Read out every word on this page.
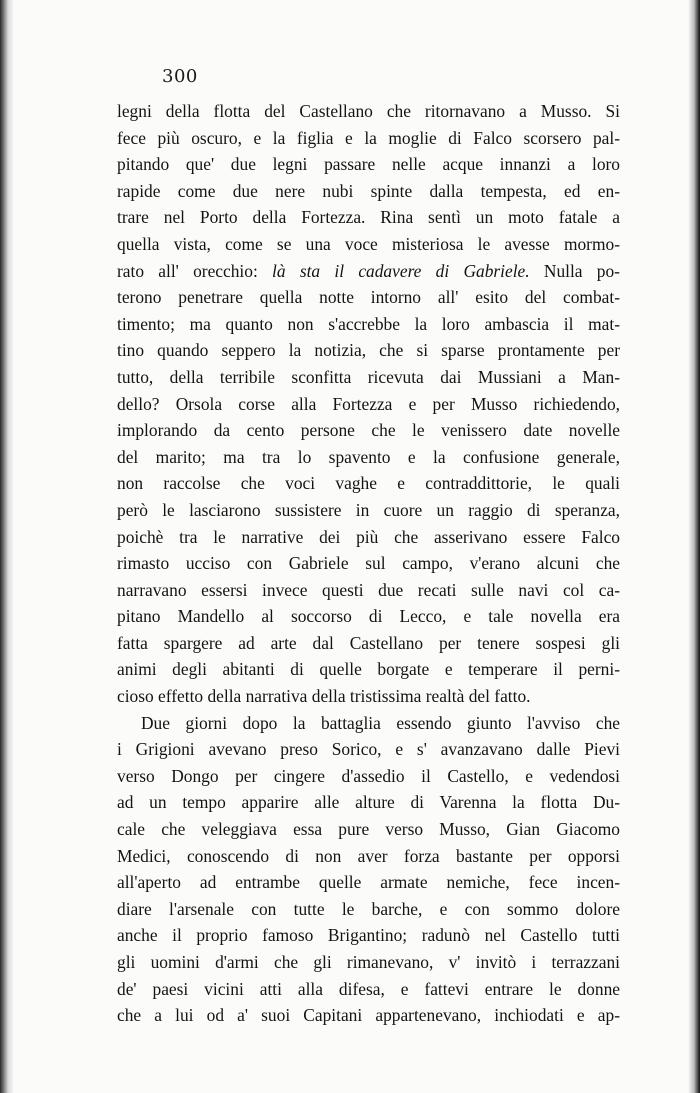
300
legni della flotta del Castellano che ritornavano a Musso. Si
fece più oscuro, e la figlia e la moglie di Falco scorsero pal-
pitando que' due legni passare nelle acque innanzi a loro
rapide come due nere nubi spinte dalla tempesta, ed en-
trare nel Porto della Fortezza. Rina sentì un moto fatale a
quella vista, come se una voce misteriosa le avesse mormo-
rato all' orecchio: là sta il cadavere di Gabriele. Nulla po-
terono penetrare quella notte intorno all' esito del combat-
timento; ma quanto non s'accrebbe la loro ambascia il mat-
tino quando seppero la notizia, che si sparse prontamente per
tutto, della terribile sconfitta ricevuta dai Mussiani a Man-
dello? Orsola corse alla Fortezza e per Musso richiedendo,
implorando da cento persone che le venissero date novelle
del marito; ma tra lo spavento e la confusione generale,
non raccolse che voci vaghe e contraddittorie, le quali
però le lasciarono sussistere in cuore un raggio di speranza,
poichè tra le narrative dei più che asserivano essere Falco
rimasto ucciso con Gabriele sul campo, v'erano alcuni che
narravano essersi invece questi due recati sulle navi col ca-
pitano Mandello al soccorso di Lecco, e tale novella era
fatta spargere ad arte dal Castellano per tenere sospesi gli
animi degli abitanti di quelle borgate e temperare il perni-
cioso effetto della narrativa della tristissima realtà del fatto.
Due giorni dopo la battaglia essendo giunto l'avviso che
i Grigioni avevano preso Sorico, e s' avanzavano dalle Pievi
verso Dongo per cingere d'assedio il Castello, e vedendosi
ad un tempo apparire alle alture di Varenna la flotta Du-
cale che veleggiava essa pure verso Musso, Gian Giacomo
Medici, conoscendo di non aver forza bastante per opporsi
all'aperto ad entrambe quelle armate nemiche, fece incen-
diare l'arsenale con tutte le barche, e con sommo dolore
anche il proprio famoso Brigantino; radunò nel Castello tutti
gli uomini d'armi che gli rimanevano, v' invitò i terrazzani
de' paesi vicini atti alla difesa, e fattevi entrare le donne
che a lui od a' suoi Capitani appartenevano, inchiodati e ap-
